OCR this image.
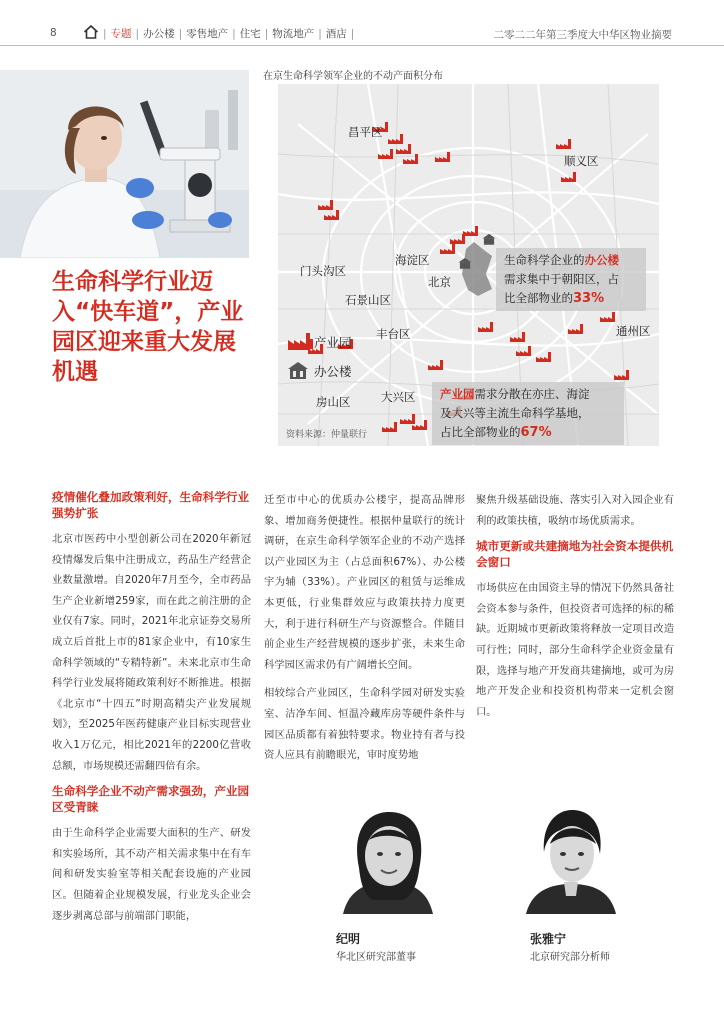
8	| 专题 | 办公楼 | 零售地产 | 住宅 | 物流地产 | 酒店 |	二零二二年第三季度大中华区物业摘要
生命科学行业迈入“快车道”，产业园区迎来重大发展机遇
在京生命科学领军企业的不动产面积分布
昌平区
顺义区
门头沟区
海淀区
北京
石景山区
丰台区	通州区
房山区	大兴区
产业园
办公楼
生命科学企业的办公楼
需求集中于朝阳区，占
比全部物业的33%
产业园需求分散在亦庄、海淀
及大兴等主流生命科学基地，
占比全部物业的67%
资料来源：仲量联行
疫情催化叠加政策利好，生命科学行业强势扩张

北京市医药中小型创新公司在2020年新冠疫情爆发后集中注册成立，药品生产经营企业数量激增。自2020年7月至今，全市药品生产企业新增259家，而在此之前注册的企业仅有7家。同时，2021年北京证券交易所成立后首批上市的81家企业中，有10家生命科学领域的“专精特新”。未来北京市生命科学行业发展将随政策利好不断推进。根据《北京市“十四五”时期高精尖产业发展规划》，至2025年医药健康产业目标实现营业收入1万亿元，相比2021年的2200亿营收总额，市场规模还需翻四倍有余。

生命科学企业不动产需求强劲，产业园区受青睐

由于生命科学企业需要大面积的生产、研发和实验场所，其不动产相关需求集中在有车间和研发实验室等相关配套设施的产业园区。但随着企业规模发展，行业龙头企业会逐步剥离总部与前端部门职能，

迁至市中心的优质办公楼宇，提高品牌形象、增加商务便捷性。根据仲量联行的统计调研，在京生命科学领军企业的不动产选择以产业园区为主（占总面积67%）、办公楼宇为辅（33%）。产业园区的租赁与运维成本更低，行业集群效应与政策扶持力度更大，利于进行科研生产与资源整合。伴随目前企业生产经营规模的逐步扩张，未来生命科学园区需求仍有广阔增长空间。

相较综合产业园区，生命科学园对研发实验室、洁净车间、恒温冷藏库房等硬件条件与园区品质都有着独特要求。物业持有者与投资人应具有前瞻眼光，审时度势地

聚焦升级基础设施、落实引入对入园企业有利的政策扶植，吸纳市场优质需求。

城市更新或共建摘地为社会资本提供机会窗口

市场供应在由国资主导的情况下仍然具备社会资本参与条件，但投资者可选择的标的稀缺。近期城市更新政策将释放一定项目改造可行性；同时，部分生命科学企业资金量有限，选择与地产开发商共建摘地，或可为房地产开发企业和投资机构带来一定机会窗口。

纪明
华北区研究部董事
张雅宁
北京研究部分析师
